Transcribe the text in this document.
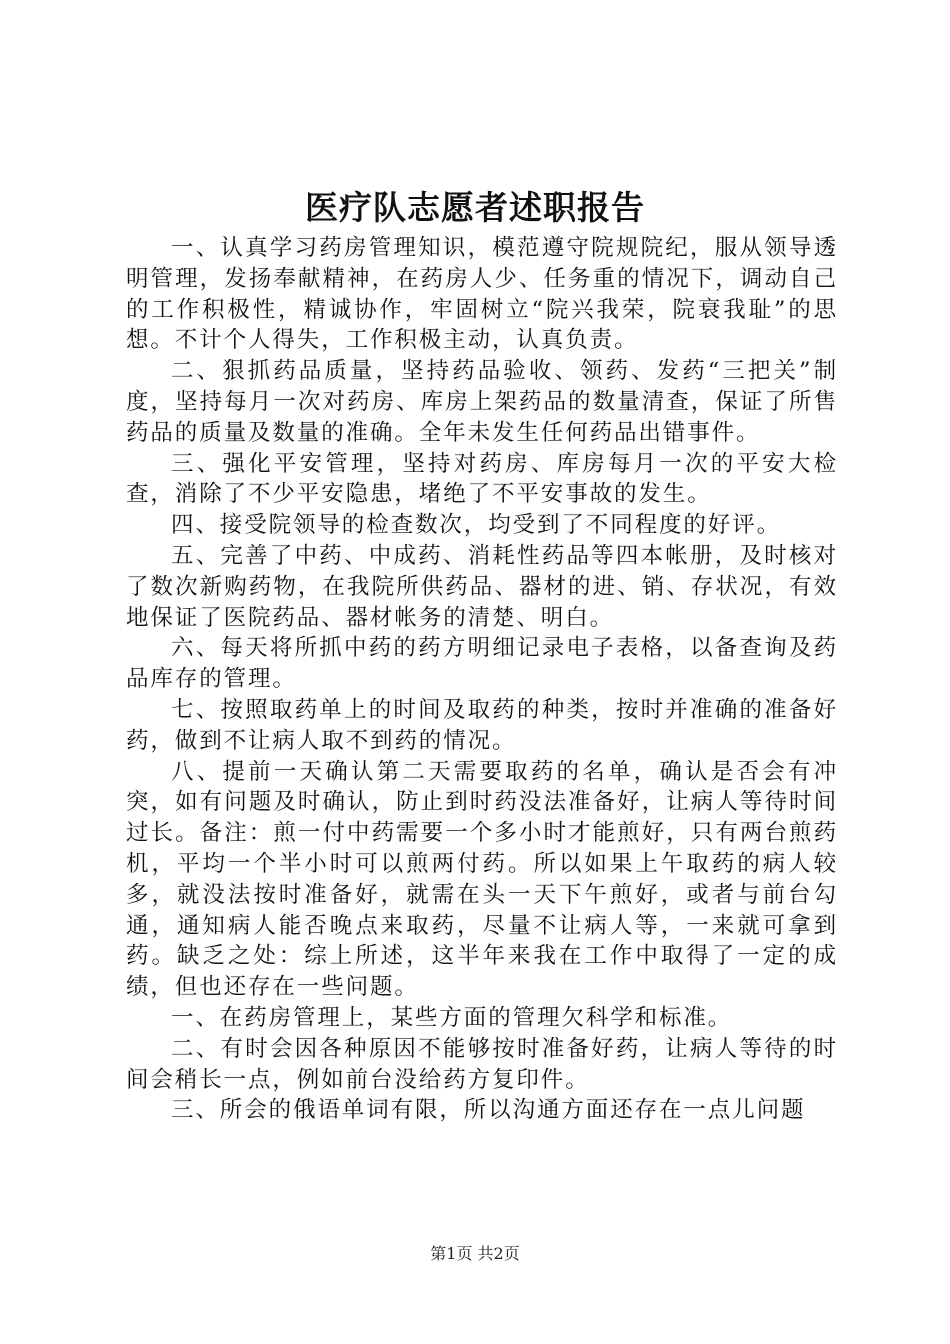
医疗队志愿者述职报告

一、认真学习药房管理知识，模范遵守院规院纪，服从领导透明管理，发扬奉献精神，在药房人少、任务重的情况下，调动自己的工作积极性，精诚协作，牢固树立“院兴我荣，院衰我耻”的思想。不计个人得失，工作积极主动，认真负责。

二、狠抓药品质量，坚持药品验收、领药、发药“三把关”制度，坚持每月一次对药房、库房上架药品的数量清查，保证了所售药品的质量及数量的准确。全年未发生任何药品出错事件。

三、强化平安管理，坚持对药房、库房每月一次的平安大检查，消除了不少平安隐患，堵绝了不平安事故的发生。

四、接受院领导的检查数次，均受到了不同程度的好评。

五、完善了中药、中成药、消耗性药品等四本帐册，及时核对了数次新购药物，在我院所供药品、器材的进、销、存状况，有效地保证了医院药品、器材帐务的清楚、明白。

六、每天将所抓中药的药方明细记录电子表格，以备查询及药品库存的管理。

七、按照取药单上的时间及取药的种类，按时并准确的准备好药，做到不让病人取不到药的情况。

八、提前一天确认第二天需要取药的名单，确认是否会有冲突，如有问题及时确认，防止到时药没法准备好，让病人等待时间过长。备注：煎一付中药需要一个多小时才能煎好，只有两台煎药机，平均一个半小时可以煎两付药。所以如果上午取药的病人较多，就没法按时准备好，就需在头一天下午煎好，或者与前台勾通，通知病人能否晚点来取药，尽量不让病人等，一来就可拿到药。缺乏之处：综上所述，这半年来我在工作中取得了一定的成绩，但也还存在一些问题。

一、在药房管理上，某些方面的管理欠科学和标准。

二、有时会因各种原因不能够按时准备好药，让病人等待的时间会稍长一点，例如前台没给药方复印件。

三、所会的俄语单词有限，所以沟通方面还存在一点儿问题

第1页 共2页
